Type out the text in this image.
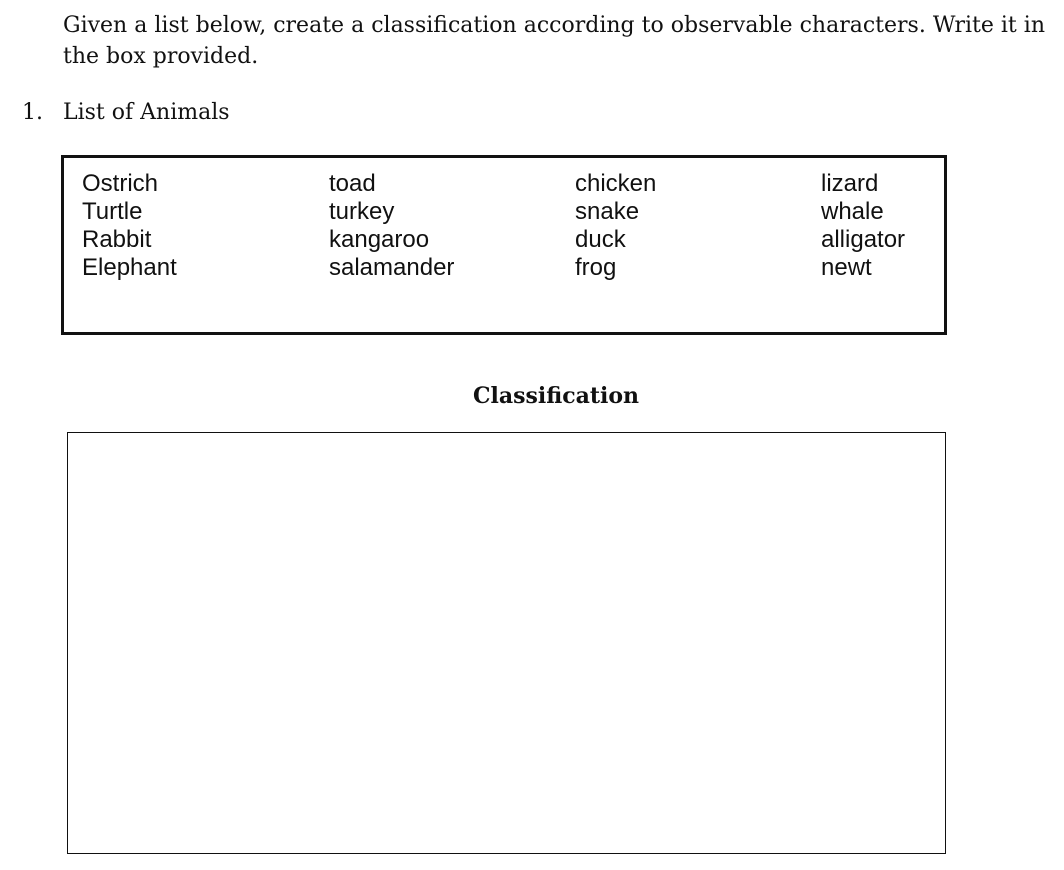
Given a list below, create a classification according to observable characters. Write it in the box provided.

1. List of Animals

Ostrich	toad	chicken	lizard
Turtle	turkey	snake	whale
Rabbit	kangaroo	duck	alligator
Elephant	salamander	frog	newt

Classification
